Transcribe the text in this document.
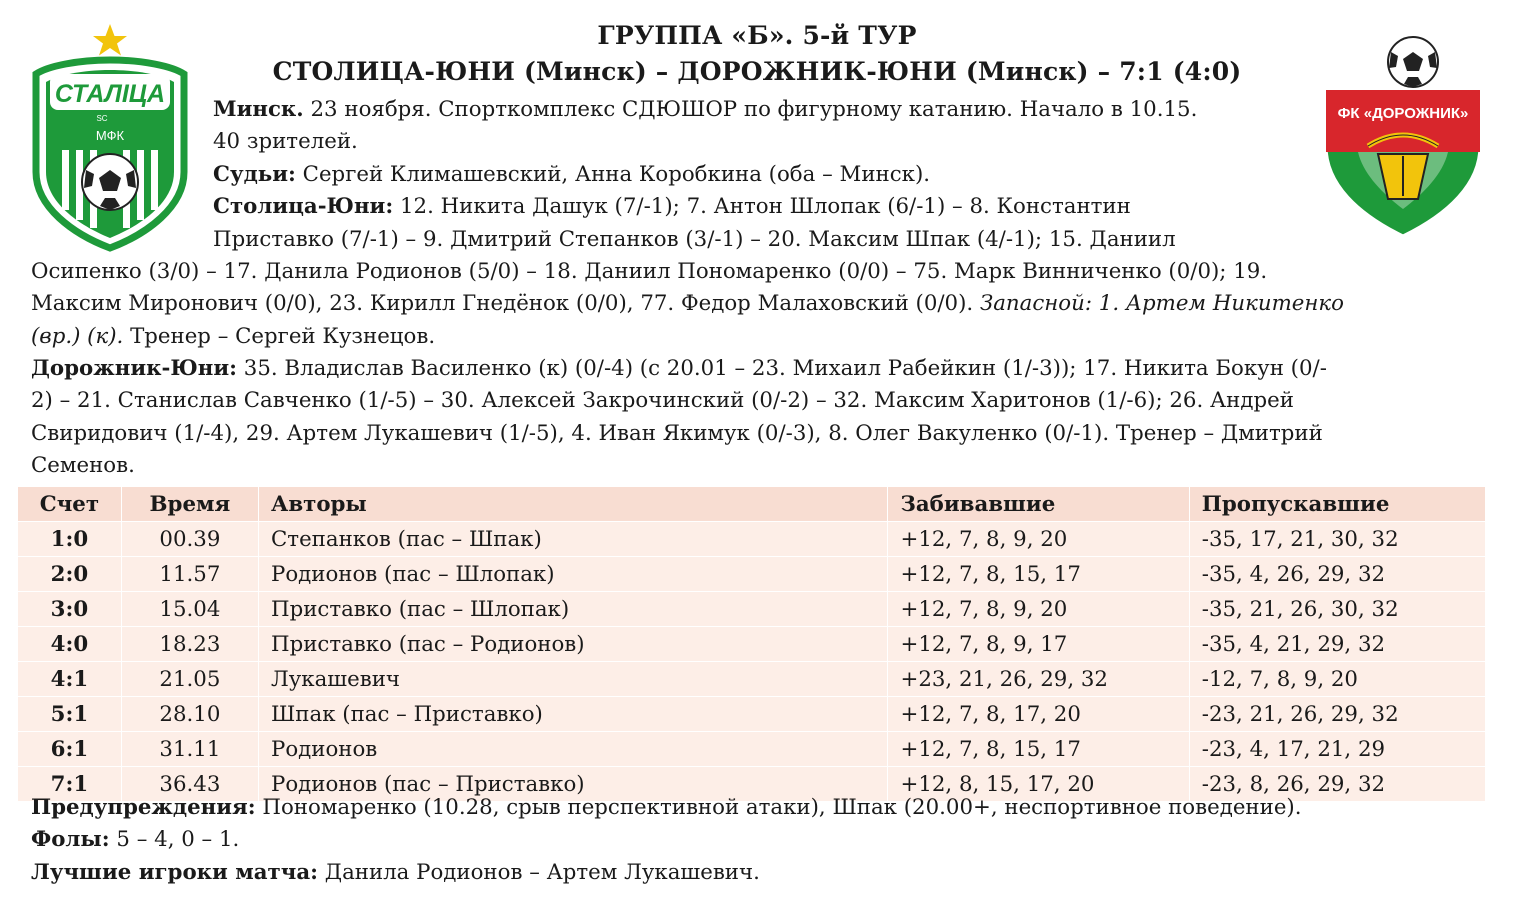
ГРУППА «Б». 5-й ТУР
СТОЛИЦА-ЮНИ (Минск) – ДОРОЖНИК-ЮНИ (Минск) – 7:1 (4:0)
СТАЛІЦА
SC
МФК
ФК «ДОРОЖНИК»
Минск. 23 ноября. Спорткомплекс СДЮШОР по фигурному катанию. Начало в 10.15.
40 зрителей.
Судьи: Сергей Климашевский, Анна Коробкина (оба – Минск).
Столица-Юни: 12. Никита Дашук (7/-1); 7. Антон Шлопак (6/-1) – 8. Константин
Приставко (7/-1) – 9. Дмитрий Степанков (3/-1) – 20. Максим Шпак (4/-1); 15. Даниил
Осипенко (3/0) – 17. Данила Родионов (5/0) – 18. Даниил Пономаренко (0/0) – 75. Марк Винниченко (0/0); 19.
Максим Миронович (0/0), 23. Кирилл Гнедёнок (0/0), 77. Федор Малаховский (0/0). Запасной: 1. Артем Никитенко
(вр.) (к). Тренер – Сергей Кузнецов.
Дорожник-Юни: 35. Владислав Василенко (к) (0/-4) (с 20.01 – 23. Михаил Рабейкин (1/-3)); 17. Никита Бокун (0/-
2) – 21. Станислав Савченко (1/-5) – 30. Алексей Закрочинский (0/-2) – 32. Максим Харитонов (1/-6); 26. Андрей
Свиридович (1/-4), 29. Артем Лукашевич (1/-5), 4. Иван Якимук (0/-3), 8. Олег Вакуленко (0/-1). Тренер – Дмитрий
Семенов.
Счет	Время	Авторы	Забивавшие	Пропускавшие
1:0	00.39	Степанков (пас – Шпак)	+12, 7, 8, 9, 20	-35, 17, 21, 30, 32
2:0	11.57	Родионов (пас – Шлопак)	+12, 7, 8, 15, 17	-35, 4, 26, 29, 32
3:0	15.04	Приставко (пас – Шлопак)	+12, 7, 8, 9, 20	-35, 21, 26, 30, 32
4:0	18.23	Приставко (пас – Родионов)	+12, 7, 8, 9, 17	-35, 4, 21, 29, 32
4:1	21.05	Лукашевич	+23, 21, 26, 29, 32	-12, 7, 8, 9, 20
5:1	28.10	Шпак (пас – Приставко)	+12, 7, 8, 17, 20	-23, 21, 26, 29, 32
6:1	31.11	Родионов	+12, 7, 8, 15, 17	-23, 4, 17, 21, 29
7:1	36.43	Родионов (пас – Приставко)	+12, 8, 15, 17, 20	-23, 8, 26, 29, 32
Предупреждения: Пономаренко (10.28, срыв перспективной атаки), Шпак (20.00+, неспортивное поведение).
Фолы: 5 – 4, 0 – 1.
Лучшие игроки матча: Данила Родионов – Артем Лукашевич.
